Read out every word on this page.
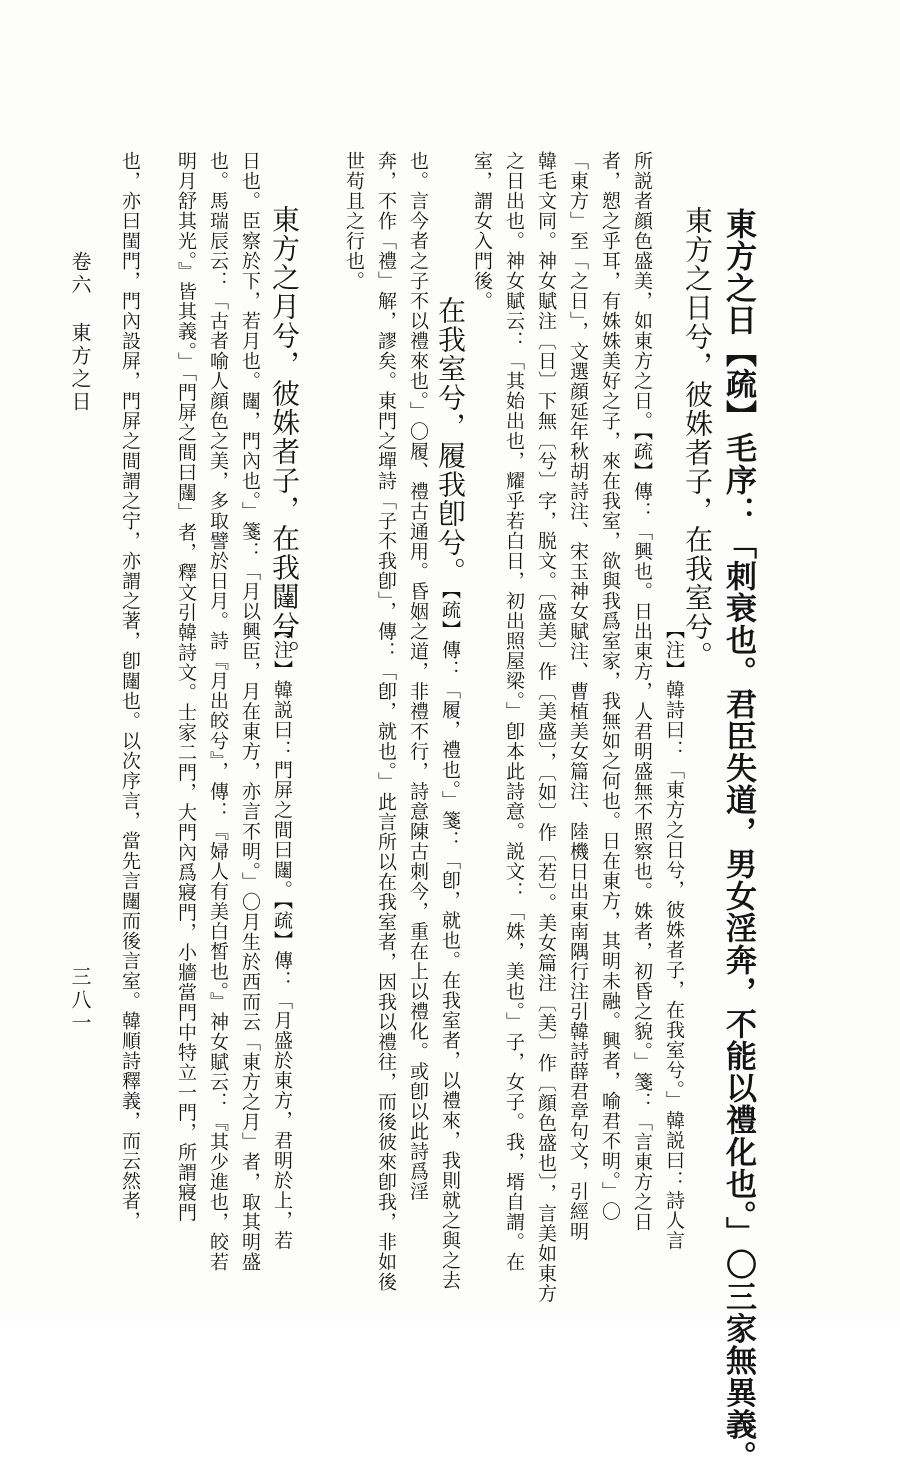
東方之日【疏】毛序：「刺衰也。君臣失道，男女淫奔，不能以禮化也。」〇三家無異義。
東方之日兮，彼姝者子，在我室兮。
【注】韓詩曰：「東方之日兮，彼姝者子，在我室兮。」韓説曰：詩人言
所説者顔色盛美，如東方之日。【疏】傳：「興也。日出東方，人君明盛無不照察也。姝者，初昏之貌。」箋：「言東方之日
者，愬之乎耳，有姝姝美好之子，來在我室，欲與我爲室家，我無如之何也。日在東方，其明未融。興者，喻君不明。」〇
「東方」至「之日」，文選顔延年秋胡詩注、宋玉神女賦注、曹植美女篇注、陸機日出東南隅行注引韓詩薛君章句文，引經明
韓毛文同。神女賦注〔日〕下無〔兮〕字，脱文。〔盛美〕作〔美盛〕，〔如〕作〔若〕。美女篇注〔美〕作〔顔色盛也〕，言美如東方
之日出也。神女賦云：「其始出也，耀乎若白日，初出照屋梁。」卽本此詩意。説文：「姝，美也。」子，女子。我，壻自謂。在
室，謂女入門後。
在我室兮，履我卽兮。
【疏】傳：「履，禮也。」箋：「卽，就也。在我室者，以禮來，我則就之與之去
也。言今者之子不以禮來也。」〇履、禮古通用。昏姻之道，非禮不行，詩意陳古刺今，重在上以禮化。或卽以此詩爲淫
奔，不作「禮」解，謬矣。東門之墠詩「子不我卽」，傳：「卽，就也。」此言所以在我室者，因我以禮往，而後彼來卽我，非如後
世苟且之行也。
東方之月兮，彼姝者子，在我闥兮。
【注】韓説曰：門屏之間曰闥。【疏】傳：「月盛於東方，君明於上，若
日也。臣察於下，若月也。闥，門內也。」箋：「月以興臣，月在東方，亦言不明。」〇月生於西而云「東方之月」者，取其明盛
也。馬瑞辰云：「古者喻人顔色之美，多取譬於日月。詩『月出皎兮』，傳：『婦人有美白皙也。』神女賦云：『其少進也，皎若
明月舒其光。』皆其義。」「門屏之間曰闥」者，釋文引韓詩文。士家二門，大門內爲寢門，小牆當門中特立一門，所謂寢門
也，亦曰閨門，門內設屏，門屏之間謂之宁，亦謂之著，卽闥也。以次序言，當先言闥而後言室。韓順詩釋義，而云然者，
卷六
東方之日
三八一
